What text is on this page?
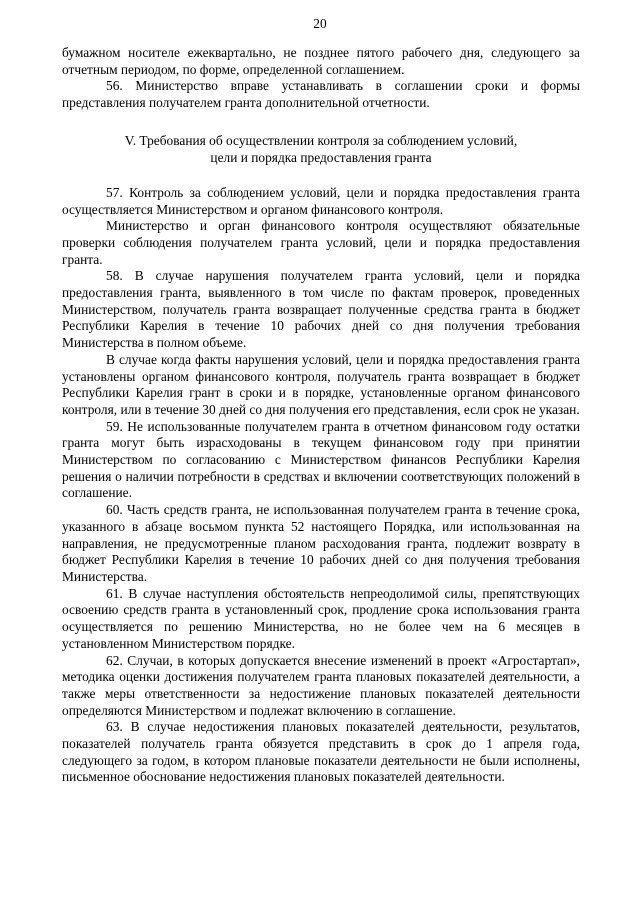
20

бумажном носителе ежеквартально, не позднее пятого рабочего дня, следующего за отчетным периодом, по форме, определенной соглашением.

56. Министерство вправе устанавливать в соглашении сроки и формы представления получателем гранта дополнительной отчетности.

V. Требования об осуществлении контроля за соблюдением условий,
цели и порядка предоставления гранта

57. Контроль за соблюдением условий, цели и порядка предоставления гранта осуществляется Министерством и органом финансового контроля.

Министерство и орган финансового контроля осуществляют обязательные проверки соблюдения получателем гранта условий, цели и порядка предоставления гранта.

58. В случае нарушения получателем гранта условий, цели и порядка предоставления гранта, выявленного в том числе по фактам проверок, проведенных Министерством, получатель гранта возвращает полученные средства гранта в бюджет Республики Карелия в течение 10 рабочих дней со дня получения требования Министерства в полном объеме.

В случае когда факты нарушения условий, цели и порядка предоставления гранта установлены органом финансового контроля, получатель гранта возвращает в бюджет Республики Карелия грант в сроки и в порядке, установленные органом финансового контроля, или в течение 30 дней со дня получения его представления, если срок не указан.

59. Не использованные получателем гранта в отчетном финансовом году остатки гранта могут быть израсходованы в текущем финансовом году при принятии Министерством по согласованию с Министерством финансов Республики Карелия решения о наличии потребности в средствах и включении соответствующих положений в соглашение.

60. Часть средств гранта, не использованная получателем гранта в течение срока, указанного в абзаце восьмом пункта 52 настоящего Порядка, или использованная на направления, не предусмотренные планом расходования гранта, подлежит возврату в бюджет Республики Карелия в течение 10 рабочих дней со дня получения требования Министерства.

61. В случае наступления обстоятельств непреодолимой силы, препятствующих освоению средств гранта в установленный срок, продление срока использования гранта осуществляется по решению Министерства, но не более чем на 6 месяцев в установленном Министерством порядке.

62. Случаи, в которых допускается внесение изменений в проект «Агростартап», методика оценки достижения получателем гранта плановых показателей деятельности, а также меры ответственности за недостижение плановых показателей деятельности определяются Министерством и подлежат включению в соглашение.

63. В случае недостижения плановых показателей деятельности, результатов, показателей получатель гранта обязуется представить в срок до 1 апреля года, следующего за годом, в котором плановые показатели деятельности не были исполнены, письменное обоснование недостижения плановых показателей деятельности.
